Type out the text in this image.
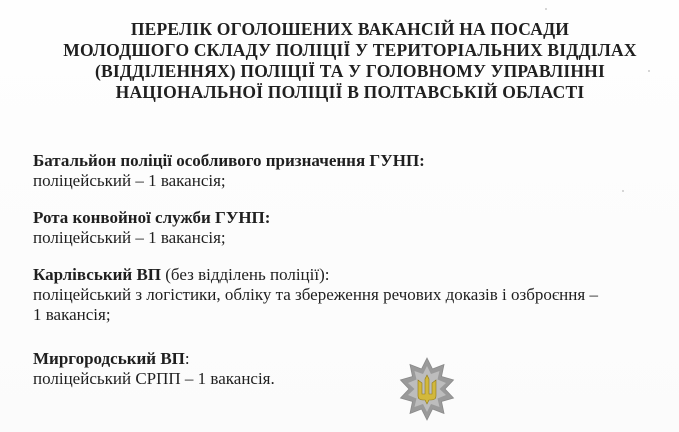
ПЕРЕЛІК ОГОЛОШЕНИХ ВАКАНСІЙ НА ПОСАДИ
МОЛОДШОГО СКЛАДУ ПОЛІЦІЇ У ТЕРИТОРІАЛЬНИХ ВІДДІЛАХ
(ВІДДІЛЕННЯХ) ПОЛІЦІЇ ТА У ГОЛОВНОМУ УПРАВЛІННІ
НАЦІОНАЛЬНОЇ ПОЛІЦІЇ В ПОЛТАВСЬКІЙ ОБЛАСТІ
Батальйон поліції особливого призначення ГУНП:
поліцейський – 1 вакансія;
Рота конвойної служби ГУНП:
поліцейський – 1 вакансія;
Карлівський ВП (без відділень поліції):
поліцейський з логістики, обліку та збереження речових доказів і озброєння –
1 вакансія;
Миргородський ВП:
поліцейський СРПП – 1 вакансія.
